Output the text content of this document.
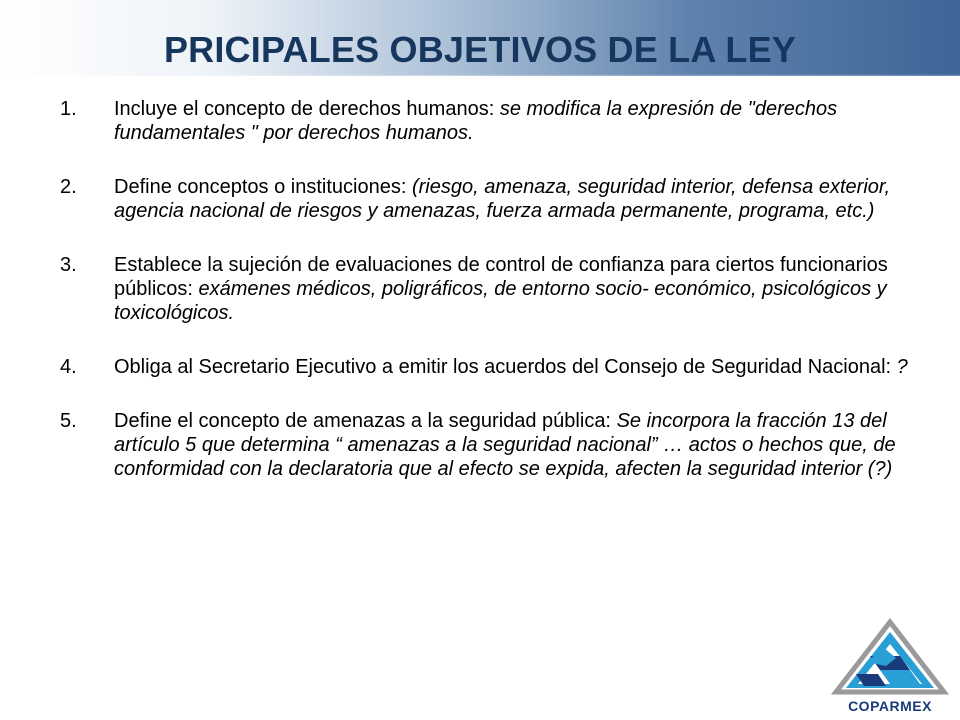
PRICIPALES OBJETIVOS DE LA LEY
1.	Incluye el concepto de derechos humanos: se modifica la expresión de "derechos fundamentales " por derechos humanos.
2.	Define conceptos o instituciones: (riesgo, amenaza, seguridad interior, defensa exterior, agencia nacional de riesgos y amenazas, fuerza armada permanente, programa, etc.)
3.	Establece la sujeción de evaluaciones de control de confianza para ciertos funcionarios públicos: exámenes médicos, poligráficos, de entorno socio- económico, psicológicos y toxicológicos.
4.	Obliga al Secretario Ejecutivo a emitir los acuerdos del Consejo de Seguridad Nacional: ?
5.	Define el concepto de amenazas a la seguridad pública: Se incorpora la fracción 13 del artículo 5 que determina “ amenazas a la seguridad nacional” … actos o hechos que, de conformidad con la declaratoria que al efecto se expida, afecten la seguridad interior (?)
COPARMEX
